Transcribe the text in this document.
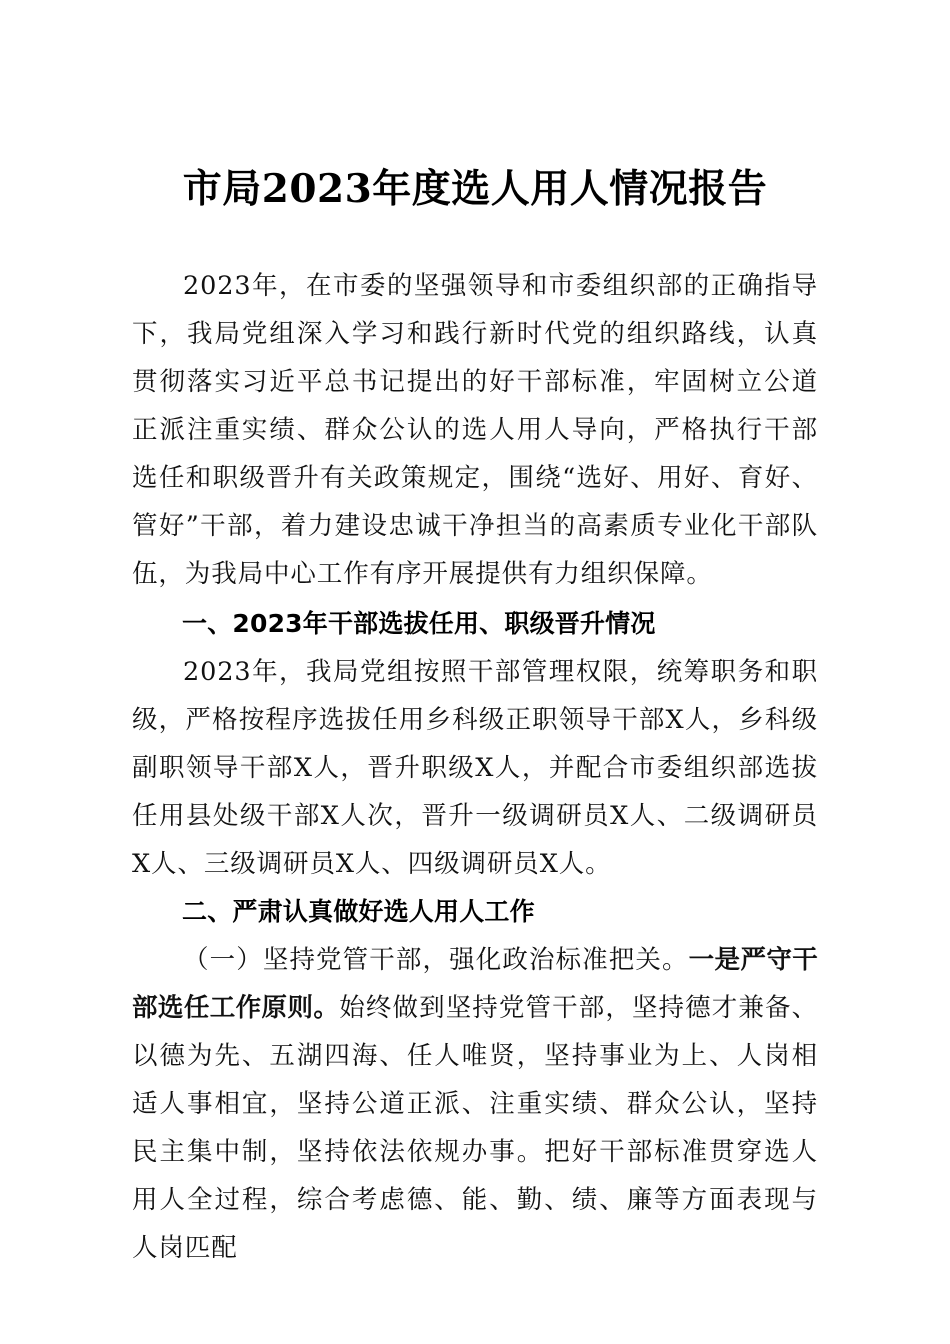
市局2023年度选人用人情况报告

2023年，在市委的坚强领导和市委组织部的正确指导下，我局党组深入学习和践行新时代党的组织路线，认真贯彻落实习近平总书记提出的好干部标准，牢固树立公道正派注重实绩、群众公认的选人用人导向，严格执行干部选任和职级晋升有关政策规定，围绕“选好、用好、育好、管好”干部，着力建设忠诚干净担当的高素质专业化干部队伍，为我局中心工作有序开展提供有力组织保障。

一、2023年干部选拔任用、职级晋升情况

2023年，我局党组按照干部管理权限，统筹职务和职级，严格按程序选拔任用乡科级正职领导干部X人，乡科级副职领导干部X人，晋升职级X人，并配合市委组织部选拔任用县处级干部X人次，晋升一级调研员X人、二级调研员X人、三级调研员X人、四级调研员X人。

二、严肃认真做好选人用人工作

（一）坚持党管干部，强化政治标准把关。一是严守干部选任工作原则。始终做到坚持党管干部，坚持德才兼备、以德为先、五湖四海、任人唯贤，坚持事业为上、人岗相适人事相宜，坚持公道正派、注重实绩、群众公认，坚持民主集中制，坚持依法依规办事。把好干部标准贯穿选人用人全过程，综合考虑德、能、勤、绩、廉等方面表现与人岗匹配
